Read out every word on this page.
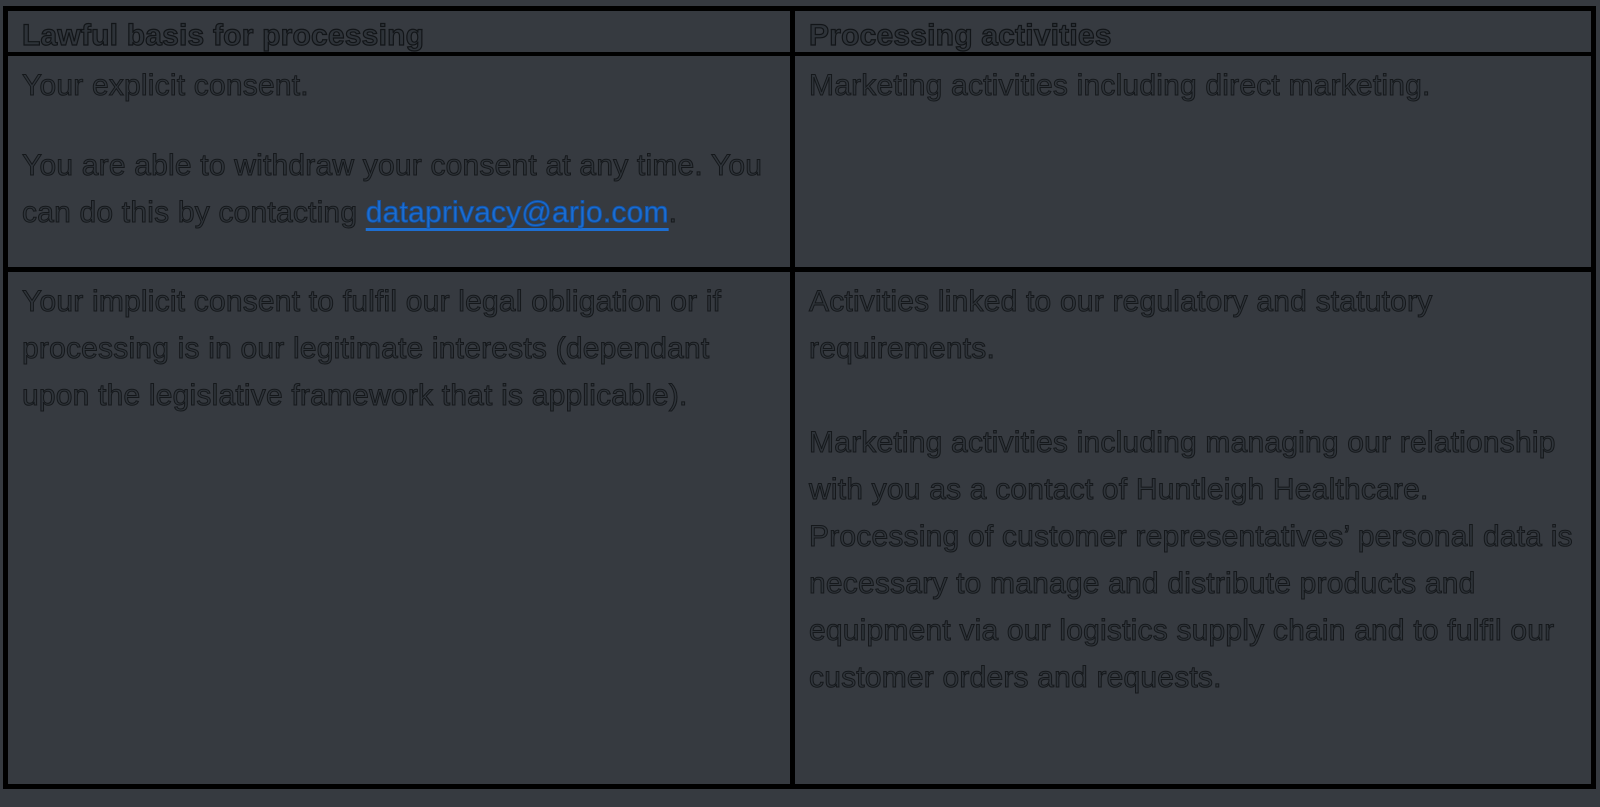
Lawful basis for processing	Processing activities

Your explicit consent.

You are able to withdraw your consent at any time. You can do this by contacting dataprivacy@arjo.com.

Marketing activities including direct marketing.

Your implicit consent to fulfil our legal obligation or if processing is in our legitimate interests (dependant upon the legislative framework that is applicable).

Activities linked to our regulatory and statutory requirements.

Marketing activities including managing our relationship with you as a contact of Huntleigh Healthcare. Processing of customer representatives’ personal data is necessary to manage and distribute products and equipment via our logistics supply chain and to fulfil our customer orders and requests.
